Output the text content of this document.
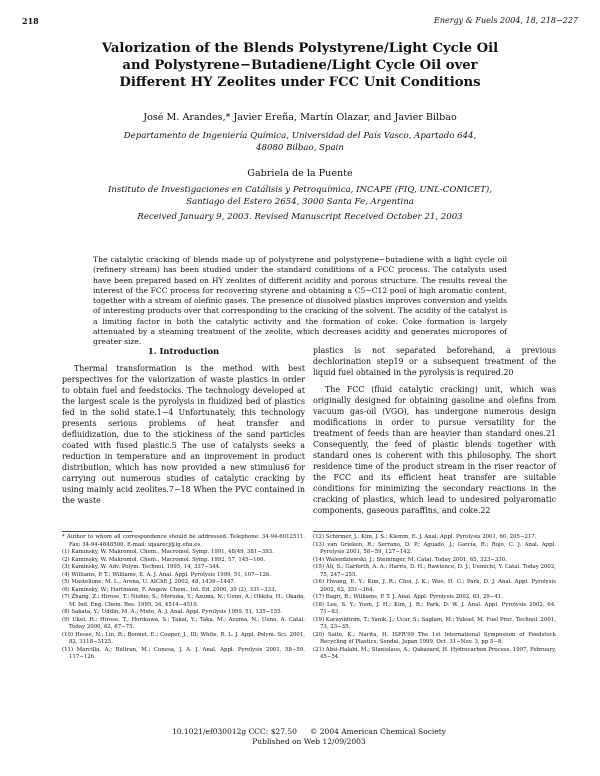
218	Energy & Fuels 2004, 18, 218−227
Valorization of the Blends Polystyrene/Light Cycle Oil
and Polystyrene−Butadiene/Light Cycle Oil over
Different HY Zeolites under FCC Unit Conditions
José M. Arandes,* Javier Ereña, Martín Olazar, and Javier Bilbao
Departamento de Ingeniería Química, Universidad del País Vasco, Apartado 644,
48080 Bilbao, Spain
Gabriela de la Puente
Instituto de Investigaciones en Catálisis y Petroquímica, INCAPE (FIQ, UNL-CONICET),
Santiago del Estero 2654, 3000 Santa Fe, Argentina
Received January 9, 2003. Revised Manuscript Received October 21, 2003
The catalytic cracking of blends made up of polystyrene and polystyrene−butadiene with a light cycle oil (refinery stream) has been studied under the standard conditions of a FCC process. The catalysts used have been prepared based on HY zeolites of different acidity and porous structure. The results reveal the interest of the FCC process for recovering styrene and obtaining a C5−C12 pool of high aromatic content, together with a stream of olefinic gases. The presence of dissolved plastics improves conversion and yields of interesting products over that corresponding to the cracking of the solvent. The acidity of the catalyst is a limiting factor in both the catalytic activity and the formation of coke. Coke formation is largely attenuated by a steaming treatment of the zeolite, which decreases acidity and generates micropores of greater size.
1. Introduction

Thermal transformation is the method with best perspectives for the valorization of waste plastics in order to obtain fuel and feedstocks. The technology developed at the largest scale is the pyrolysis in fluidized bed of plastics fed in the solid state.1−4 Unfortunately, this technology presents serious problems of heat transfer and defluidization, due to the stickiness of the sand particles coated with fused plastic.5 The use of catalysts seeks a reduction in temperature and an improvement in product distribution, which has now provided a new stimulus6 for carrying out numerous studies of catalytic cracking by using mainly acid zeolites.7−18 When the PVC contained in the waste

plastics is not separated beforehand, a previous dechlorination step19 or a subsequent treatment of the liquid fuel obtained in the pyrolysis is required.20

The FCC (fluid catalytic cracking) unit, which was originally designed for obtaining gasoline and olefins from vacuum gas-oil (VGO), has undergone numerous design modifications in order to pursue versatility for the treatment of feeds than are heavier than standard ones.21 Consequently, the feed of plastic blends together with standard ones is coherent with this philosophy. The short residence time of the product stream in the riser reactor of the FCC and its efficient heat transfer are suitable conditions for minimizing the secondary reactions in the cracking of plastics, which lead to undesired polyaromatic components, gaseous paraffins, and coke.22

* Author to whom all correspondence should be addressed. Telephone: 34-94-6012511. Fax: 34-94-4648500. E-mail: iqaarecj@lg.ehu.es.
(1) Kaminsky, W. Makromol. Chem., Macromol. Symp. 1991, 48/49, 381−393.
(2) Kaminsky, W. Makromol. Chem., Macromol. Symp. 1992, 57, 145−160.
(3) Kaminsky, W. Adv. Polym. Technol. 1995, 14, 337−344.
(4) Williams, P. T.; Williams, E. A. J. Anal. Appl. Pyrolysis 1999, 51, 107−126.
(5) Mastellone, M. L.; Arena, U. AIChE J. 2002, 48, 1439−1447.
(6) Kaminsky, W.; Hartmann, F. Angew. Chem., Int. Ed. 2000, 39 (2), 331−333.
(7) Zhang, Z.; Hirose, T.; Nishio, S.; Morioka, Y.; Azuma, N.; Ueno, A.; Ohkita, H.; Okada, M. Ind. Eng. Chem. Res. 1995, 34, 4514−4519.
(8) Sakata, Y.; Uddin, M. A.; Muto, A. J. Anal. Appl. Pyrolysis 1999, 51, 135−155.
(9) Ukei, H.; Hirose, T.; Horikawa, S.; Takai, Y.; Taka, M.; Azuma, N.; Ueno, A. Catal. Today 2000, 62, 67−75.
(10) Hesse, N.; Lin, R.; Bonnet, E.; Cooper, J., III; White, R. L. J. Appl. Polym. Sci. 2001, 82, 3118−3125.
(11) Marcilla, A.; Beltran, M.; Conesa, J. A. J. Anal. Appl. Pyrolysis 2001, 58−59, 117−126.
(12) Schirmer, J.; Kim, J. S.; Klemm, E. J. Anal. Appl. Pyrolysis 2001, 60, 205−217.
(13) van Grieken, R.; Serrano, D. P.; Aguado, J.; García, R.; Rojo, C. J. Anal. Appl. Pyrolysis 2001, 58−59, 127−142.
(14) Walendziewski, J.; Steininger, M. Catal. Today 2001, 65, 323−330.
(15) Ali, S.; Garforth, A. A.; Harris, D. H.; Rawlence, D. J.; Uemichi, Y. Catal. Today 2002, 75, 247−255.
(16) Hwang, E. Y.; Kim, J. R.; Choi, J. K.; Woo, H. C.; Park, D. J. Anal. Appl. Pyrolysis 2002, 62, 351−364.
(17) Bagri, R.; Williams, P. T. J. Anal. Appl. Pyrolysis 2002, 63, 29−41.
(18) Lee, S. Y.; Yoon, J. H.; Kim, J. R.; Park, D. W. J. Anal. Appl. Pyrolysis 2002, 64, 71−83.
(19) Karayildirim, T.; Yanik, J.; Ucar, S.; Saglam, M.; Yuksel, M. Fuel Proc. Technol. 2001, 73, 23−35.
(20) Saito, K.; Narita, H. ISFR'99 The 1st International Symposium of Feedstock Recycling of Plastics, Sendai, Japan 1999, Oct. 31−Nov. 3, pp 5−8.
(21) Absi-Halabi, M.; Stanislaus, A.; Qabazard, H. Hydrocarbon Process. 1997, February, 45−54.
10.1021/ef030012g CCC: $27.50 © 2004 American Chemical Society
Published on Web 12/09/2003
